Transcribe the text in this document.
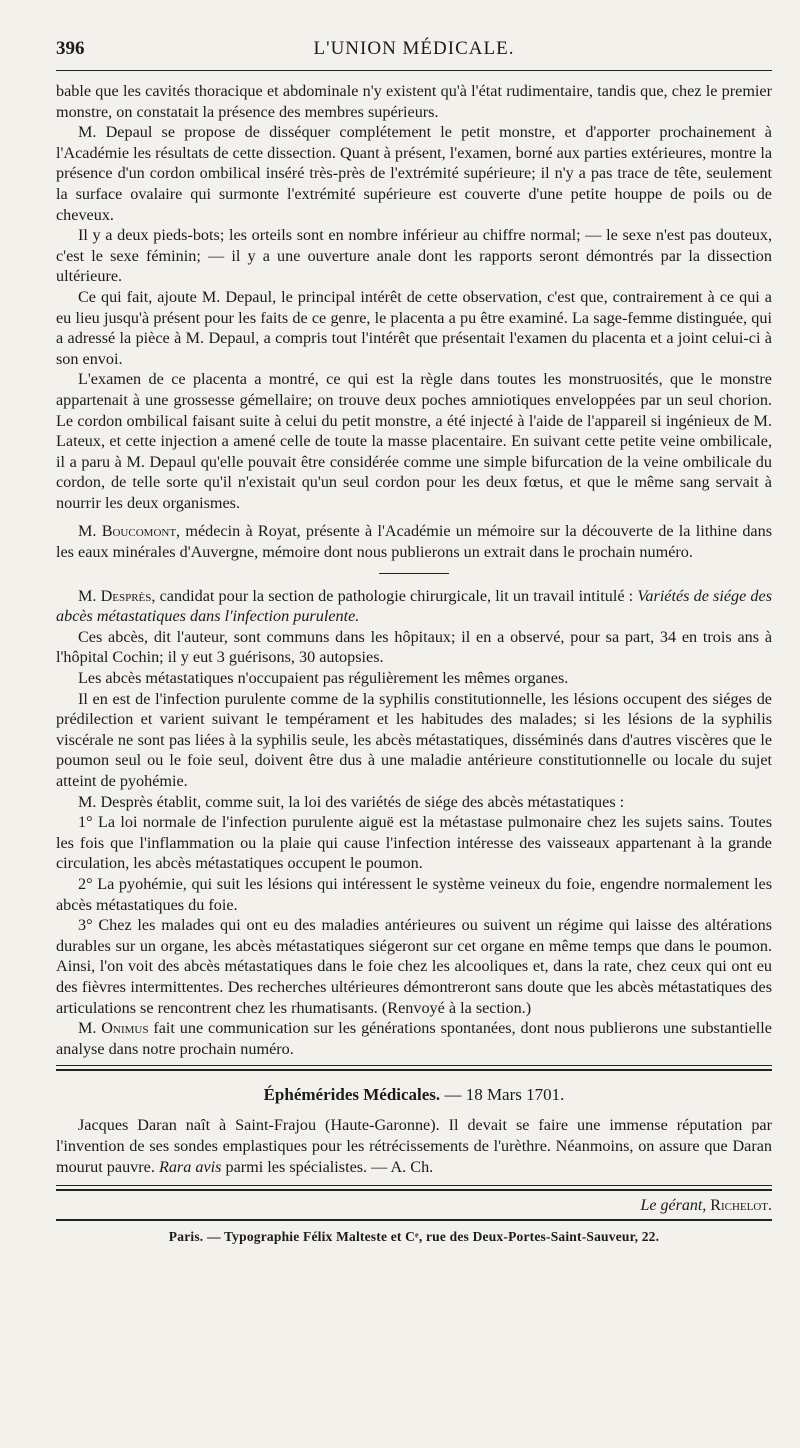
396	L'UNION MÉDICALE.

bable que les cavités thoracique et abdominale n'y existent qu'à l'état rudimentaire, tandis que, chez le premier monstre, on constatait la présence des membres supérieurs.

M. Depaul se propose de disséquer complétement le petit monstre, et d'apporter prochainement à l'Académie les résultats de cette dissection. Quant à présent, l'examen, borné aux parties extérieures, montre la présence d'un cordon ombilical inséré très-près de l'extrémité supérieure; il n'y a pas trace de tête, seulement la surface ovalaire qui surmonte l'extrémité supérieure est couverte d'une petite houppe de poils ou de cheveux.

Il y a deux pieds-bots; les orteils sont en nombre inférieur au chiffre normal; — le sexe n'est pas douteux, c'est le sexe féminin; — il y a une ouverture anale dont les rapports seront démontrés par la dissection ultérieure.

Ce qui fait, ajoute M. Depaul, le principal intérêt de cette observation, c'est que, contrairement à ce qui a eu lieu jusqu'à présent pour les faits de ce genre, le placenta a pu être examiné. La sage-femme distinguée, qui a adressé la pièce à M. Depaul, a compris tout l'intérêt que présentait l'examen du placenta et a joint celui-ci à son envoi.

L'examen de ce placenta a montré, ce qui est la règle dans toutes les monstruosités, que le monstre appartenait à une grossesse gémellaire; on trouve deux poches amniotiques enveloppées par un seul chorion. Le cordon ombilical faisant suite à celui du petit monstre, a été injecté à l'aide de l'appareil si ingénieux de M. Lateux, et cette injection a amené celle de toute la masse placentaire. En suivant cette petite veine ombilicale, il a paru à M. Depaul qu'elle pouvait être considérée comme une simple bifurcation de la veine ombilicale du cordon, de telle sorte qu'il n'existait qu'un seul cordon pour les deux fœtus, et que le même sang servait à nourrir les deux organismes.

M. Boucomont, médecin à Royat, présente à l'Académie un mémoire sur la découverte de la lithine dans les eaux minérales d'Auvergne, mémoire dont nous publierons un extrait dans le prochain numéro.

M. Desprès, candidat pour la section de pathologie chirurgicale, lit un travail intitulé : Variétés de siége des abcès métastatiques dans l'infection purulente.

Ces abcès, dit l'auteur, sont communs dans les hôpitaux; il en a observé, pour sa part, 34 en trois ans à l'hôpital Cochin; il y eut 3 guérisons, 30 autopsies.

Les abcès métastatiques n'occupaient pas régulièrement les mêmes organes.

Il en est de l'infection purulente comme de la syphilis constitutionnelle, les lésions occupent des siéges de prédilection et varient suivant le tempérament et les habitudes des malades; si les lésions de la syphilis viscérale ne sont pas liées à la syphilis seule, les abcès métastatiques, disséminés dans d'autres viscères que le poumon seul ou le foie seul, doivent être dus à une maladie antérieure constitutionnelle ou locale du sujet atteint de pyohémie.

M. Desprès établit, comme suit, la loi des variétés de siége des abcès métastatiques :

1° La loi normale de l'infection purulente aiguë est la métastase pulmonaire chez les sujets sains. Toutes les fois que l'inflammation ou la plaie qui cause l'infection intéresse des vaisseaux appartenant à la grande circulation, les abcès métastatiques occupent le poumon.

2° La pyohémie, qui suit les lésions qui intéressent le système veineux du foie, engendre normalement les abcès métastatiques du foie.

3° Chez les malades qui ont eu des maladies antérieures ou suivent un régime qui laisse des altérations durables sur un organe, les abcès métastatiques siégeront sur cet organe en même temps que dans le poumon. Ainsi, l'on voit des abcès métastatiques dans le foie chez les alcooliques et, dans la rate, chez ceux qui ont eu des fièvres intermittentes. Des recherches ultérieures démontreront sans doute que les abcès métastatiques des articulations se rencontrent chez les rhumatisants. (Renvoyé à la section.)

M. Onimus fait une communication sur les générations spontanées, dont nous publierons une substantielle analyse dans notre prochain numéro.

Éphémérides Médicales. — 18 Mars 1701.

Jacques Daran naît à Saint-Frajou (Haute-Garonne). Il devait se faire une immense réputation par l'invention de ses sondes emplastiques pour les rétrécissements de l'urèthre. Néanmoins, on assure que Daran mourut pauvre. Rara avis parmi les spécialistes. — A. Ch.

Le gérant, Richelot.
Paris. — Typographie Félix Malteste et Cᵉ, rue des Deux-Portes-Saint-Sauveur, 22.
